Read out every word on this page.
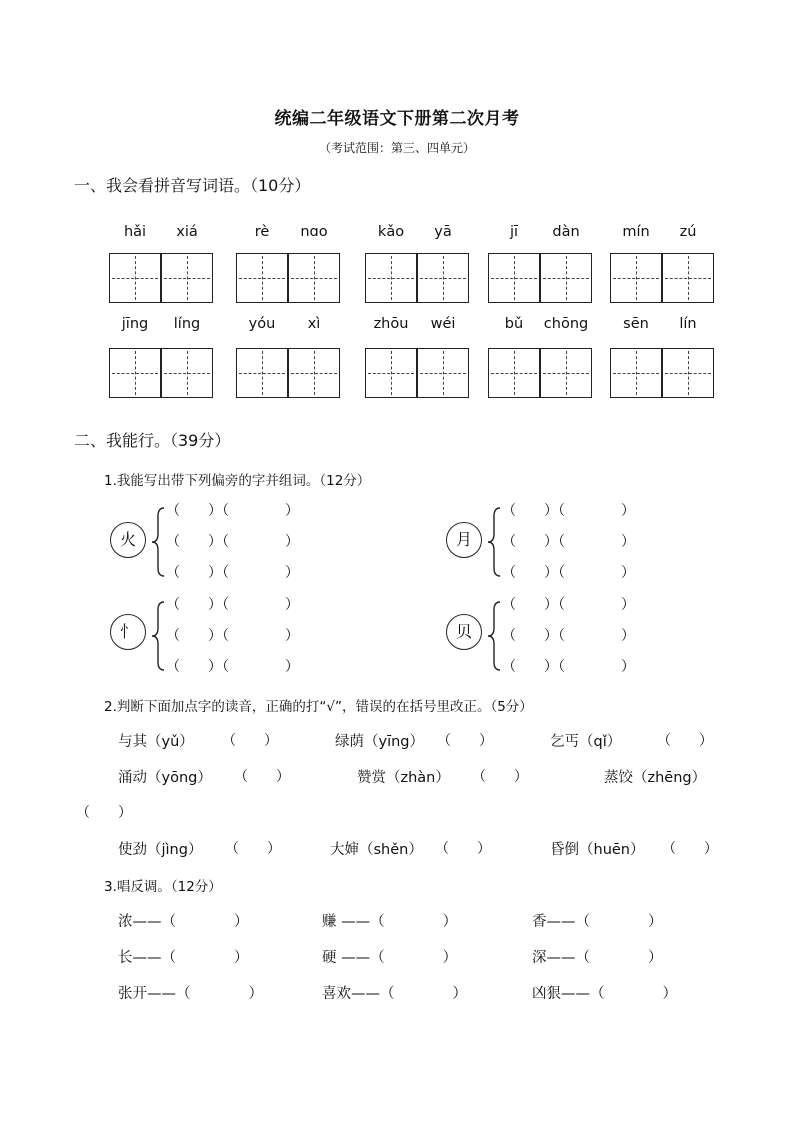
统编二年级语文下册第二次月考
（考试范围：第三、四单元）
一、我会看拼音写词语。（10分）
hǎi	xiá	rè	nɑo	kǎo	yā	jī	dàn	mín	zú
jīng	líng	yóu	xì	zhōu	wéi	bǔ	chōng	sēn	lín
二、我能行。（39分）
1.我能写出带下列偏旁的字并组词。（12分）
火
（　　）（　　　　）
（　　）（　　　　）
（　　）（　　　　）
月
（　　）（　　　　）
（　　）（　　　　）
（　　）（　　　　）
忄
（　　）（　　　　）
（　　）（　　　　）
（　　）（　　　　）
贝
（　　）（　　　　）
（　　）（　　　　）
（　　）（　　　　）
2.判断下面加点字的读音，正确的打“√”，错误的在括号里改正。（5分）
与其（yǔ） （　　）	绿荫（yīng） （　　）	乞丐（qǐ）	（　　）
涌动（yōng） （　　）	赞赏（zhàn） （　　）	蒸饺（zhēng）
（　　）
使劲（jìng） （　　）	大婶（shěn） （　　）	昏倒（huēn） （　　）
3.唱反调。（12分）
浓——（　　　　）	赚 ——（　　　　）	香——（　　　　）
长——（　　　　）	硬 ——（　　　　）	深——（　　　　）
张开——（　　　　）	喜欢——（　　　　）	凶狠——（　　　　）
